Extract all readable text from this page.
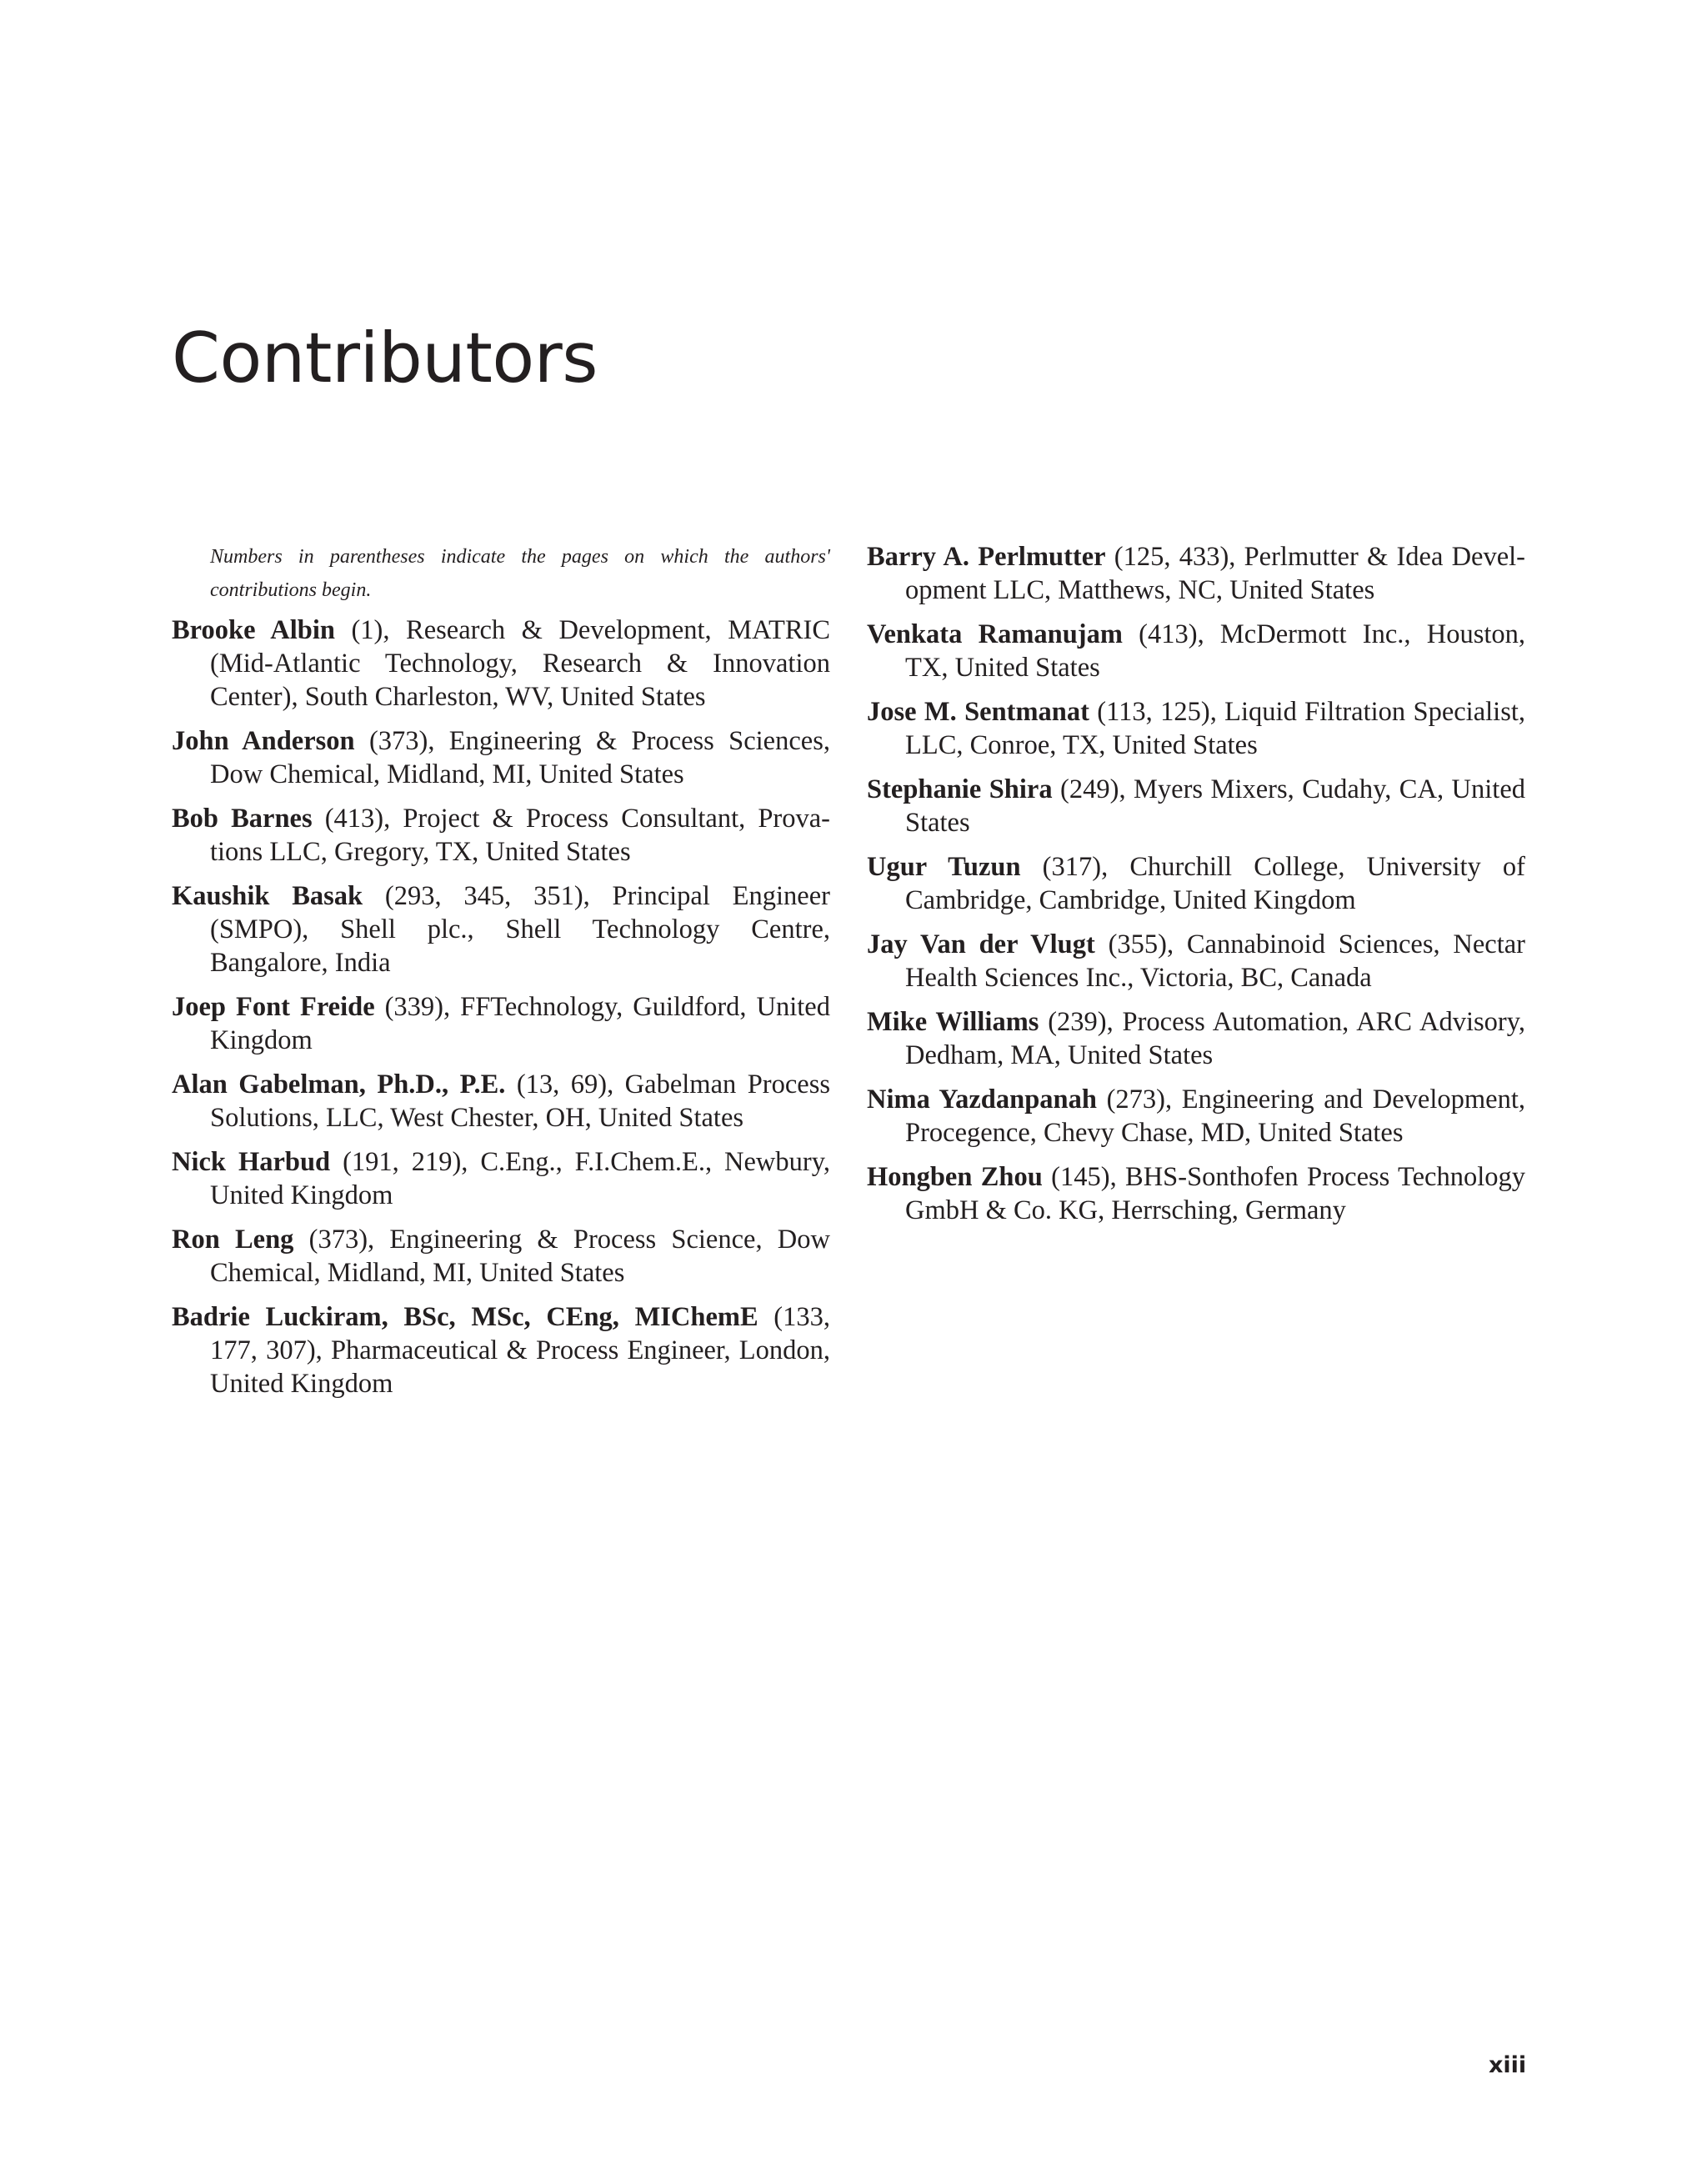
Contributors

Numbers in parentheses indicate the pages on which the authors' contributions begin.

Brooke Albin (1), Research & Development, MATRIC (Mid-Atlantic Technology, Research & Innovation Center), South Charleston, WV, United States

John Anderson (373), Engineering & Process Sciences, Dow Chemical, Midland, MI, United States

Bob Barnes (413), Project & Process Consultant, Provations LLC, Gregory, TX, United States

Kaushik Basak (293, 345, 351), Principal Engineer (SMPO), Shell plc., Shell Technology Centre, Bangalore, India

Joep Font Freide (339), FFTechnology, Guildford, United Kingdom

Alan Gabelman, Ph.D., P.E. (13, 69), Gabelman Process Solutions, LLC, West Chester, OH, United States

Nick Harbud (191, 219), C.Eng., F.I.Chem.E., Newbury, United Kingdom

Ron Leng (373), Engineering & Process Science, Dow Chemical, Midland, MI, United States

Badrie Luckiram, BSc, MSc, CEng, MIChemE (133, 177, 307), Pharmaceutical & Process Engineer, London, United Kingdom

Barry A. Perlmutter (125, 433), Perlmutter & Idea Development LLC, Matthews, NC, United States

Venkata Ramanujam (413), McDermott Inc., Houston, TX, United States

Jose M. Sentmanat (113, 125), Liquid Filtration Specialist, LLC, Conroe, TX, United States

Stephanie Shira (249), Myers Mixers, Cudahy, CA, United States

Ugur Tuzun (317), Churchill College, University of Cambridge, Cambridge, United Kingdom

Jay Van der Vlugt (355), Cannabinoid Sciences, Nectar Health Sciences Inc., Victoria, BC, Canada

Mike Williams (239), Process Automation, ARC Advisory, Dedham, MA, United States

Nima Yazdanpanah (273), Engineering and Development, Procegence, Chevy Chase, MD, United States

Hongben Zhou (145), BHS-Sonthofen Process Technology GmbH & Co. KG, Herrsching, Germany

xiii
